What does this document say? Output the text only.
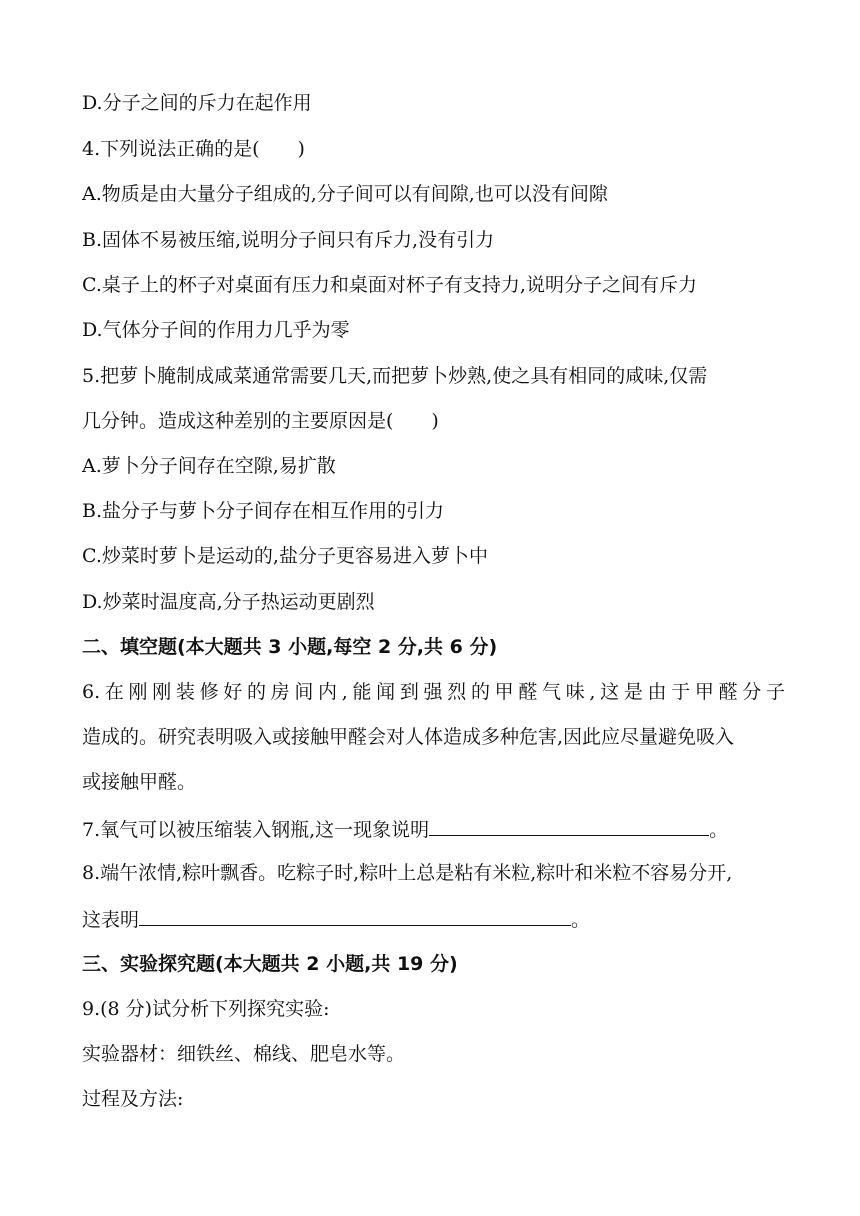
D.分子之间的斥力在起作用
4.下列说法正确的是(　　)
A.物质是由大量分子组成的,分子间可以有间隙,也可以没有间隙
B.固体不易被压缩,说明分子间只有斥力,没有引力
C.桌子上的杯子对桌面有压力和桌面对杯子有支持力,说明分子之间有斥力
D.气体分子间的作用力几乎为零
5.把萝卜腌制成咸菜通常需要几天,而把萝卜炒熟,使之具有相同的咸味,仅需
几分钟。造成这种差别的主要原因是(　　)
A.萝卜分子间存在空隙,易扩散
B.盐分子与萝卜分子间存在相互作用的引力
C.炒菜时萝卜是运动的,盐分子更容易进入萝卜中
D.炒菜时温度高,分子热运动更剧烈
二、填空题(本大题共 3 小题,每空 2 分,共 6 分)
6.在刚刚装修好的房间内,能闻到强烈的甲醛气味,这是由于甲醛分子
造成的。研究表明吸入或接触甲醛会对人体造成多种危害,因此应尽量避免吸入
或接触甲醛。
7.氧气可以被压缩装入钢瓶,这一现象说明	。
8.端午浓情,粽叶飘香。吃粽子时,粽叶上总是粘有米粒,粽叶和米粒不容易分开,
这表明	。
三、实验探究题(本大题共 2 小题,共 19 分)
9.(8 分)试分析下列探究实验:
实验器材：细铁丝、棉线、肥皂水等。
过程及方法:
